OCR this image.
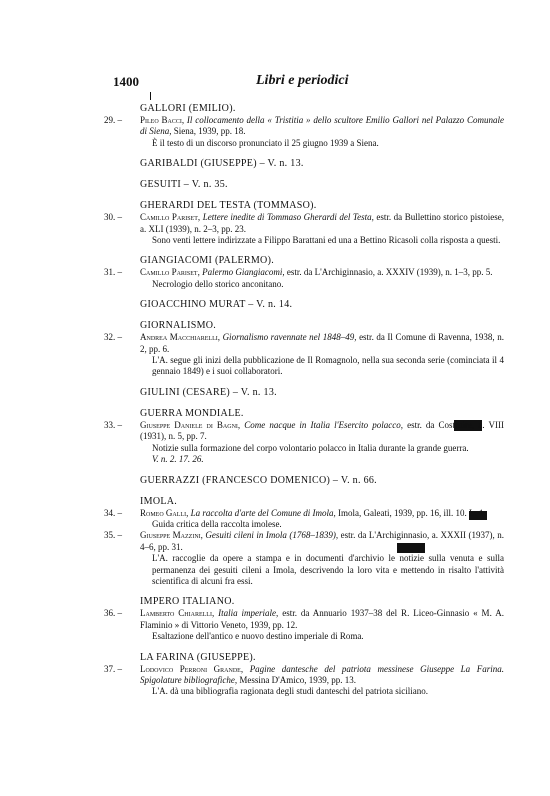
1400	Libri e periodici
GALLORI (EMILIO).
29. –	Pileo Bacci, Il collocamento della « Tristitia » dello scultore Emilio Gallori nel Palazzo Comunale di Siena, Siena, 1939, pp. 18.
È il testo di un discorso pronunciato il 25 giugno 1939 a Siena.
GARIBALDI (GIUSEPPE) – V. n. 13.
GESUITI – V. n. 35.
GHERARDI DEL TESTA (TOMMASO).
30. –	Camillo Pariset, Lettere inedite di Tommaso Gherardi del Testa, estr. da Bullettino storico pistoiese, a. XLI (1939), n. 2–3, pp. 23.
Sono venti lettere indirizzate a Filippo Barattani ed una a Bettino Ricasoli colla risposta a questi.
GIANGIACOMI (PALERMO).
31. –	Camillo Pariset, Palermo Giangiacomi, estr. da L'Archiginnasio, a. XXXIV (1939), n. 1–3, pp. 5.
Necrologio dello storico anconitano.
GIOACCHINO MURAT – V. n. 14.
GIORNALISMO.
32. –	Andrea Macchiarelli, Giornalismo ravennate nel 1848–49, estr. da Il Comune di Ravenna, 1938, n. 2, pp. 6.
L'A. segue gli inizi della pubblicazione de Il Romagnolo, nella sua seconda serie (cominciata il 4 gennaio 1849) e i suoi collaboratori.
GIULINI (CESARE) – V. n. 13.
GUERRA MONDIALE.
33. –	Giuseppe Daniele di Bagni, Come nacque in Italia l'Esercito polacco, estr. da Costruire, a. VIII (1931), n. 5, pp. 7.
Notizie sulla formazione del corpo volontario polacco in Italia durante la grande guerra.
V. n. 2. 17. 26.
GUERRAZZI (FRANCESCO DOMENICO) – V. n. 66.
IMOLA.
34. –	Romeo Galli, La raccolta d'arte del Comune di Imola, Imola, Galeati, 1939, pp. 16, ill. 10. L. 1.
Guida critica della raccolta imolese.
35. –	Giuseppe Mazzini, Gesuiti cileni in Imola (1768–1839), estr. da L'Archiginnasio, a. XXXII (1937), n. 4–6, pp. 31.
L'A. raccoglie da opere a stampa e in documenti d'archivio le notizie sulla venuta e sulla permanenza dei gesuiti cileni a Imola, descrivendo la loro vita e mettendo in risalto l'attività scientifica di alcuni fra essi.
IMPERO ITALIANO.
36. –	Lamberto Chiarelli, Italia imperiale, estr. da Annuario 1937–38 del R. Liceo-Ginnasio « M. A. Flaminio » di Vittorio Veneto, 1939, pp. 12.
Esaltazione dell'antico e nuovo destino imperiale di Roma.
LA FARINA (GIUSEPPE).
37. –	Lodovico Perroni Grande, Pagine dantesche del patriota messinese Giuseppe La Farina. Spigolature bibliografiche, Messina D'Amico, 1939, pp. 13.
L'A. dà una bibliografia ragionata degli studi danteschi del patriota siciliano.
